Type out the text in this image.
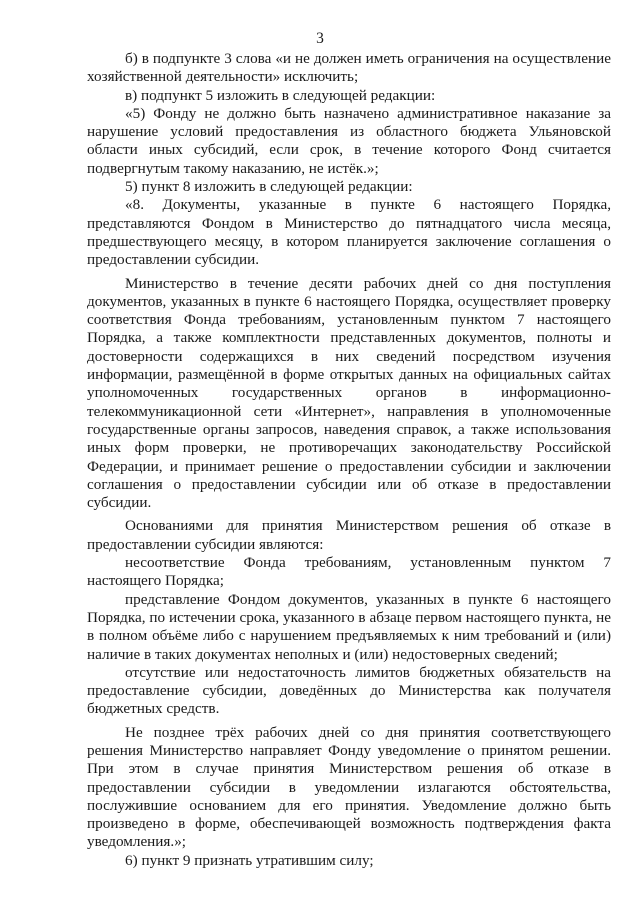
3

б) в подпункте 3 слова «и не должен иметь ограничения на осуществление хозяйственной деятельности» исключить;

в) подпункт 5 изложить в следующей редакции:

«5) Фонду не должно быть назначено административное наказание за нарушение условий предоставления из областного бюджета Ульяновской области иных субсидий, если срок, в течение которого Фонд считается подвергнутым такому наказанию, не истёк.»;

5) пункт 8 изложить в следующей редакции:

«8. Документы, указанные в пункте 6 настоящего Порядка, представляются Фондом в Министерство до пятнадцатого числа месяца, предшествующего месяцу, в котором планируется заключение соглашения о предоставлении субсидии.

Министерство в течение десяти рабочих дней со дня поступления документов, указанных в пункте 6 настоящего Порядка, осуществляет проверку соответствия Фонда требованиям, установленным пунктом 7 настоящего Порядка, а также комплектности представленных документов, полноты и достоверности содержащихся в них сведений посредством изучения информации, размещённой в форме открытых данных на официальных сайтах уполномоченных государственных органов в информационно-телекоммуникационной сети «Интернет», направления в уполномоченные государственные органы запросов, наведения справок, а также использования иных форм проверки, не противоречащих законодательству Российской Федерации, и принимает решение о предоставлении субсидии и заключении соглашения о предоставлении субсидии или об отказе в предоставлении субсидии.

Основаниями для принятия Министерством решения об отказе в предоставлении субсидии являются:

несоответствие Фонда требованиям, установленным пунктом 7 настоящего Порядка;

представление Фондом документов, указанных в пункте 6 настоящего Порядка, по истечении срока, указанного в абзаце первом настоящего пункта, не в полном объёме либо с нарушением предъявляемых к ним требований и (или) наличие в таких документах неполных и (или) недостоверных сведений;

отсутствие или недостаточность лимитов бюджетных обязательств на предоставление субсидии, доведённых до Министерства как получателя бюджетных средств.

Не позднее трёх рабочих дней со дня принятия соответствующего решения Министерство направляет Фонду уведомление о принятом решении. При этом в случае принятия Министерством решения об отказе в предоставлении субсидии в уведомлении излагаются обстоятельства, послужившие основанием для его принятия. Уведомление должно быть произведено в форме, обеспечивающей возможность подтверждения факта уведомления.»;

6) пункт 9 признать утратившим силу;
